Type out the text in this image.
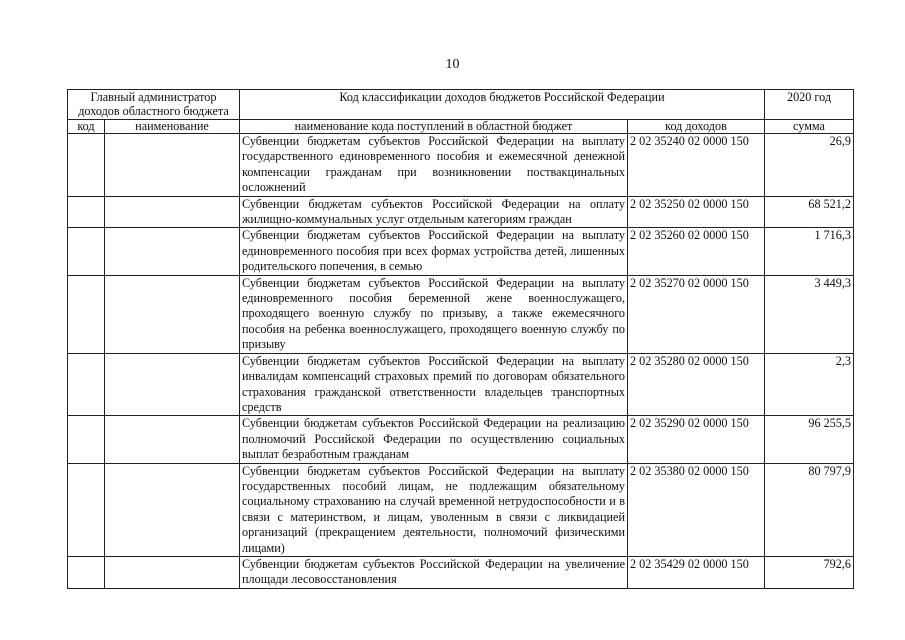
10
Главный администратор доходов областного бюджета		Код классификации доходов бюджетов Российской Федерации		2020 год
код	наименование	наименование кода поступлений в областной бюджет	код доходов	сумма
		Субвенции бюджетам субъектов Российской Федерации на выплату государственного единовременного пособия и ежемесячной денежной компенсации гражданам при возникновении поствакцинальных осложнений	2 02 35240 02 0000 150	26,9
		Субвенции бюджетам субъектов Российской Федерации на оплату жилищно-коммунальных услуг отдельным категориям граждан	2 02 35250 02 0000 150	68 521,2
		Субвенции бюджетам субъектов Российской Федерации на выплату единовременного пособия при всех формах устройства детей, лишенных родительского попечения, в семью	2 02 35260 02 0000 150	1 716,3
		Субвенции бюджетам субъектов Российской Федерации на выплату единовременного пособия беременной жене военнослужащего, проходящего военную службу по призыву, а также ежемесячного пособия на ребенка военнослужащего, проходящего военную службу по призыву	2 02 35270 02 0000 150	3 449,3
		Субвенции бюджетам субъектов Российской Федерации на выплату инвалидам компенсаций страховых премий по договорам обязательного страхования гражданской ответственности владельцев транспортных средств	2 02 35280 02 0000 150	2,3
		Субвенции бюджетам субъектов Российской Федерации на реализацию полномочий Российской Федерации по осуществлению социальных выплат безработным гражданам	2 02 35290 02 0000 150	96 255,5
		Субвенции бюджетам субъектов Российской Федерации на выплату государственных пособий лицам, не подлежащим обязательному социальному страхованию на случай временной нетрудоспособности и в связи с материнством, и лицам, уволенным в связи с ликвидацией организаций (прекращением деятельности, полномочий физическими лицами)	2 02 35380 02 0000 150	80 797,9
		Субвенции бюджетам субъектов Российской Федерации на увеличение площади лесовосстановления	2 02 35429 02 0000 150	792,6
